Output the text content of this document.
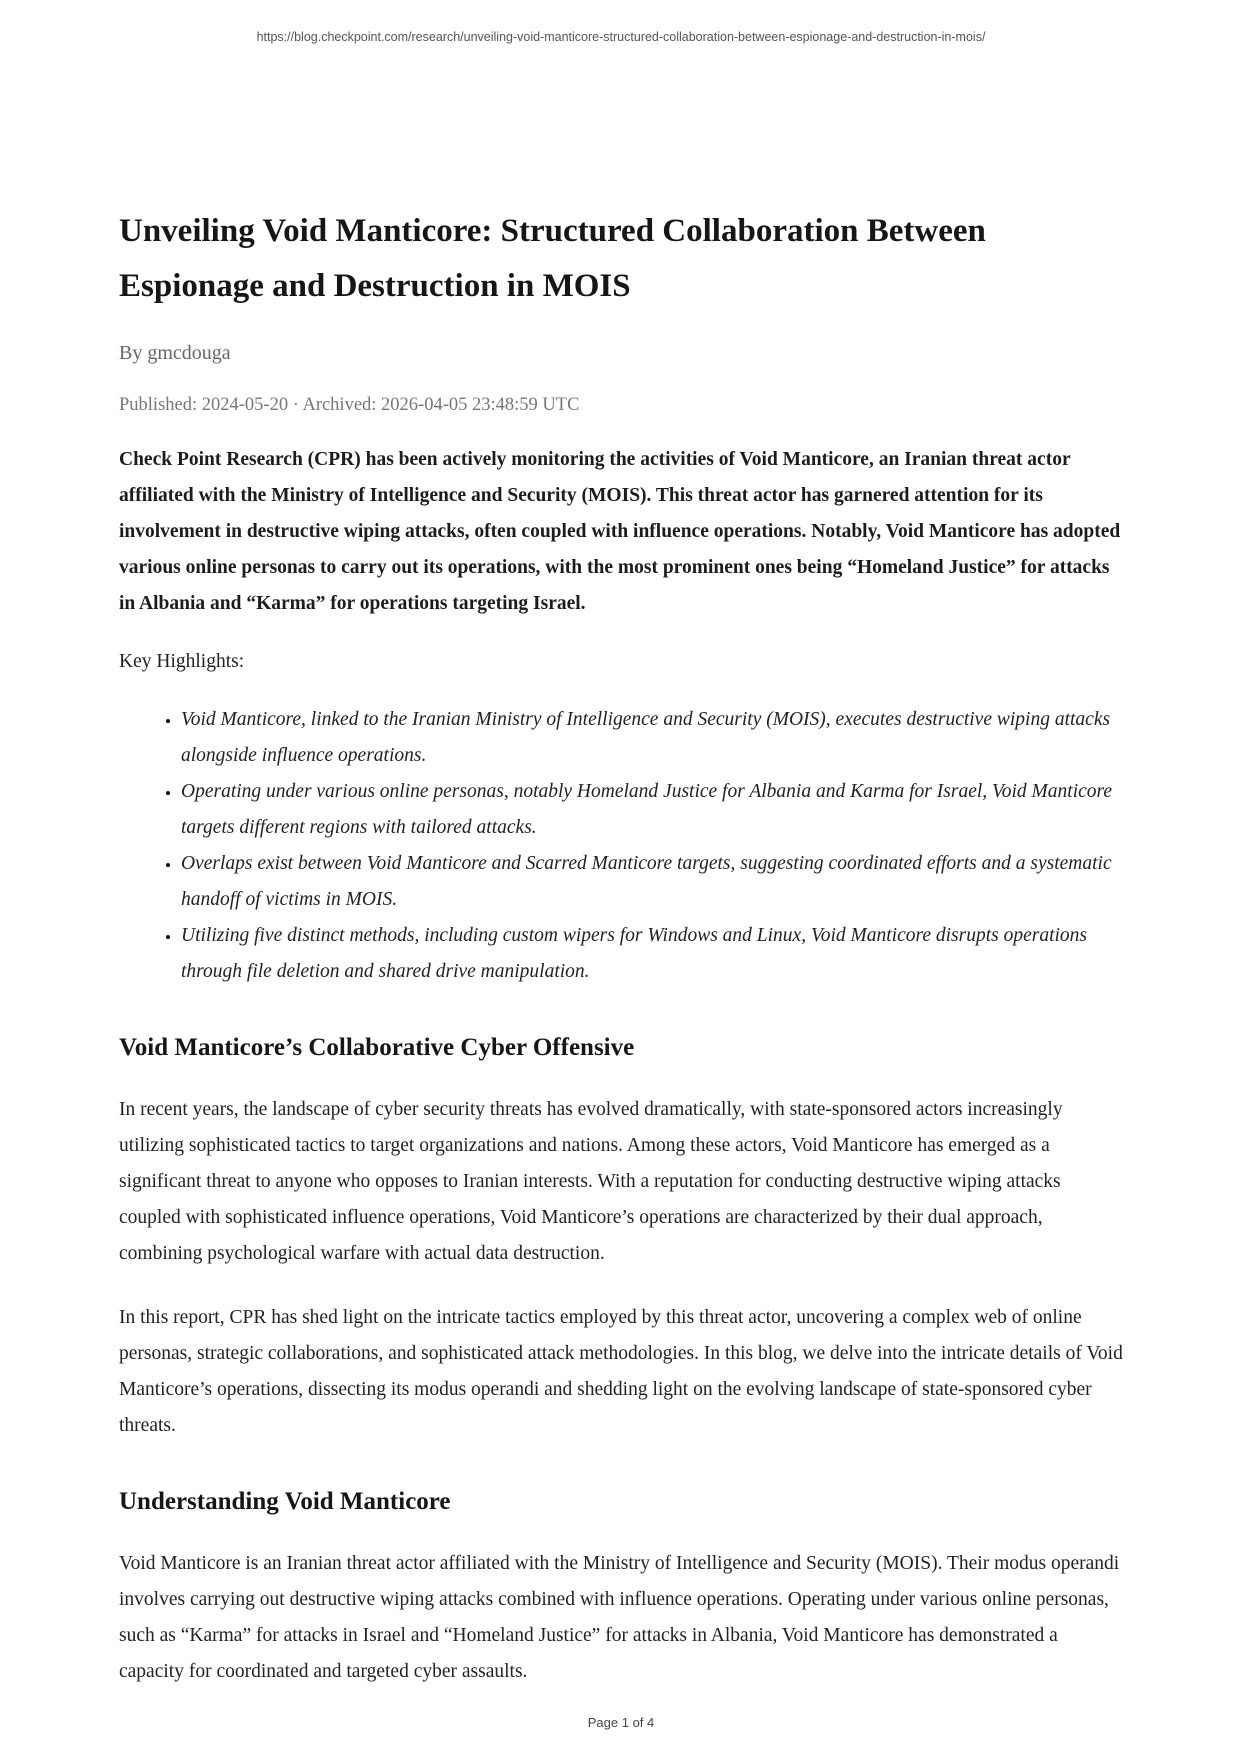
https://blog.checkpoint.com/research/unveiling-void-manticore-structured-collaboration-between-espionage-and-destruction-in-mois/
Unveiling Void Manticore: Structured Collaboration Between Espionage and Destruction in MOIS
By gmcdouga
Published: 2024-05-20 · Archived: 2026-04-05 23:48:59 UTC

Check Point Research (CPR) has been actively monitoring the activities of Void Manticore, an Iranian threat actor affiliated with the Ministry of Intelligence and Security (MOIS). This threat actor has garnered attention for its involvement in destructive wiping attacks, often coupled with influence operations. Notably, Void Manticore has adopted various online personas to carry out its operations, with the most prominent ones being “Homeland Justice” for attacks in Albania and “Karma” for operations targeting Israel.

Key Highlights:

• Void Manticore, linked to the Iranian Ministry of Intelligence and Security (MOIS), executes destructive wiping attacks alongside influence operations.
• Operating under various online personas, notably Homeland Justice for Albania and Karma for Israel, Void Manticore targets different regions with tailored attacks.
• Overlaps exist between Void Manticore and Scarred Manticore targets, suggesting coordinated efforts and a systematic handoff of victims in MOIS.
• Utilizing five distinct methods, including custom wipers for Windows and Linux, Void Manticore disrupts operations through file deletion and shared drive manipulation.
Void Manticore’s Collaborative Cyber Offensive

In recent years, the landscape of cyber security threats has evolved dramatically, with state-sponsored actors increasingly utilizing sophisticated tactics to target organizations and nations. Among these actors, Void Manticore has emerged as a significant threat to anyone who opposes to Iranian interests. With a reputation for conducting destructive wiping attacks coupled with sophisticated influence operations, Void Manticore’s operations are characterized by their dual approach, combining psychological warfare with actual data destruction.

In this report, CPR has shed light on the intricate tactics employed by this threat actor, uncovering a complex web of online personas, strategic collaborations, and sophisticated attack methodologies. In this blog, we delve into the intricate details of Void Manticore’s operations, dissecting its modus operandi and shedding light on the evolving landscape of state-sponsored cyber threats.

Understanding Void Manticore

Void Manticore is an Iranian threat actor affiliated with the Ministry of Intelligence and Security (MOIS). Their modus operandi involves carrying out destructive wiping attacks combined with influence operations. Operating under various online personas, such as “Karma” for attacks in Israel and “Homeland Justice” for attacks in Albania, Void Manticore has demonstrated a capacity for coordinated and targeted cyber assaults.

Page 1 of 4
